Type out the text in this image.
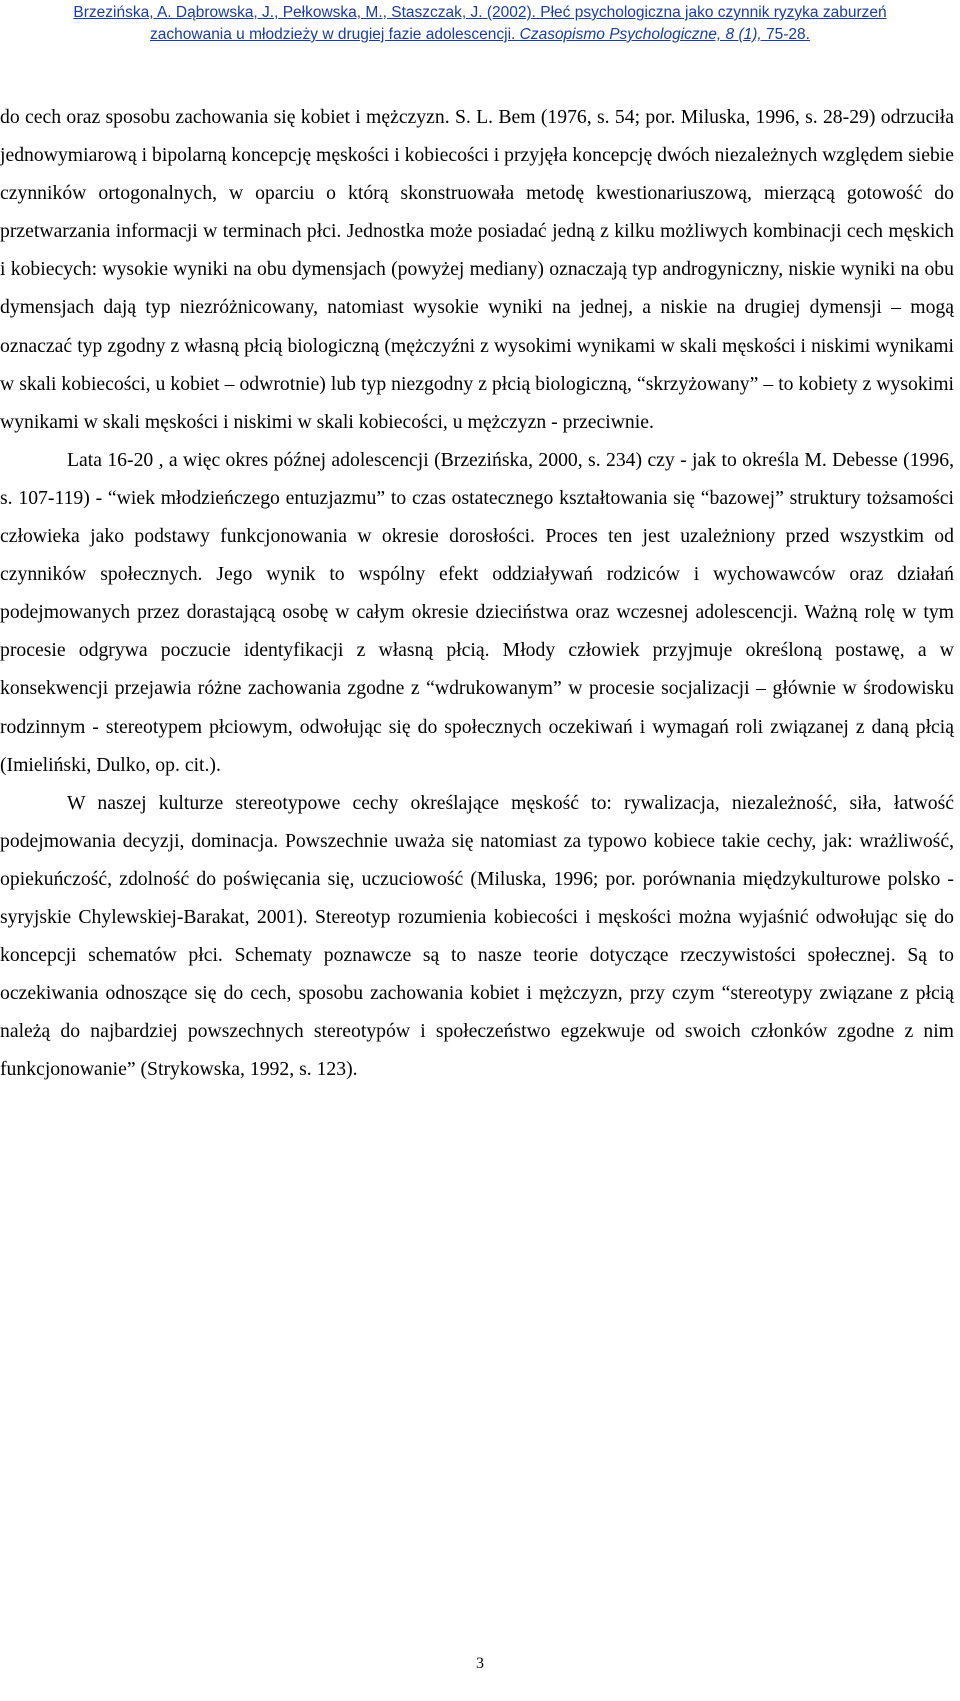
Brzezińska, A. Dąbrowska, J., Pełkowska, M., Staszczak, J. (2002). Płeć psychologiczna jako czynnik ryzyka zaburzeń
zachowania u młodzieży w drugiej fazie adolescencji. Czasopismo Psychologiczne, 8 (1), 75-28.

do cech oraz sposobu zachowania się kobiet i mężczyzn. S. L. Bem (1976, s. 54; por. Miluska, 1996, s. 28-29) odrzuciła jednowymiarową i bipolarną koncepcję męskości i kobiecości i przyjęła koncepcję dwóch niezależnych względem siebie czynników ortogonalnych, w oparciu o którą skonstruowała metodę kwestionariuszową, mierzącą gotowość do przetwarzania informacji w terminach płci. Jednostka może posiadać jedną z kilku możliwych kombinacji cech męskich i kobiecych: wysokie wyniki na obu dymensjach (powyżej mediany) oznaczają typ androgyniczny, niskie wyniki na obu dymensjach dają typ niezróżnicowany, natomiast wysokie wyniki na jednej, a niskie na drugiej dymensji – mogą oznaczać typ zgodny z własną płcią biologiczną (mężczyźni z wysokimi wynikami w skali męskości i niskimi wynikami w skali kobiecości, u kobiet – odwrotnie) lub typ niezgodny z płcią biologiczną, “skrzyżowany” – to kobiety z wysokimi wynikami w skali męskości i niskimi w skali kobiecości, u mężczyzn - przeciwnie.

Lata 16-20 , a więc okres późnej adolescencji (Brzezińska, 2000, s. 234) czy - jak to określa M. Debesse (1996, s. 107-119) - “wiek młodzieńczego entuzjazmu” to czas ostatecznego kształtowania się “bazowej” struktury tożsamości człowieka jako podstawy funkcjonowania w okresie dorosłości. Proces ten jest uzależniony przed wszystkim od czynników społecznych. Jego wynik to wspólny efekt oddziaływań rodziców i wychowawców oraz działań podejmowanych przez dorastającą osobę w całym okresie dzieciństwa oraz wczesnej adolescencji. Ważną rolę w tym procesie odgrywa poczucie identyfikacji z własną płcią. Młody człowiek przyjmuje określoną postawę, a w konsekwencji przejawia różne zachowania zgodne z “wdrukowanym” w procesie socjalizacji – głównie w środowisku rodzinnym - stereotypem płciowym, odwołując się do społecznych oczekiwań i wymagań roli związanej z daną płcią (Imieliński, Dulko, op. cit.).

W naszej kulturze stereotypowe cechy określające męskość to: rywalizacja, niezależność, siła, łatwość podejmowania decyzji, dominacja. Powszechnie uważa się natomiast za typowo kobiece takie cechy, jak: wrażliwość, opiekuńczość, zdolność do poświęcania się, uczuciowość (Miluska, 1996; por. porównania międzykulturowe polsko - syryjskie Chylewskiej-Barakat, 2001). Stereotyp rozumienia kobiecości i męskości można wyjaśnić odwołując się do koncepcji schematów płci. Schematy poznawcze są to nasze teorie dotyczące rzeczywistości społecznej. Są to oczekiwania odnoszące się do cech, sposobu zachowania kobiet i mężczyzn, przy czym “stereotypy związane z płcią należą do najbardziej powszechnych stereotypów i społeczeństwo egzekwuje od swoich członków zgodne z nim funkcjonowanie” (Strykowska, 1992, s. 123).

3
